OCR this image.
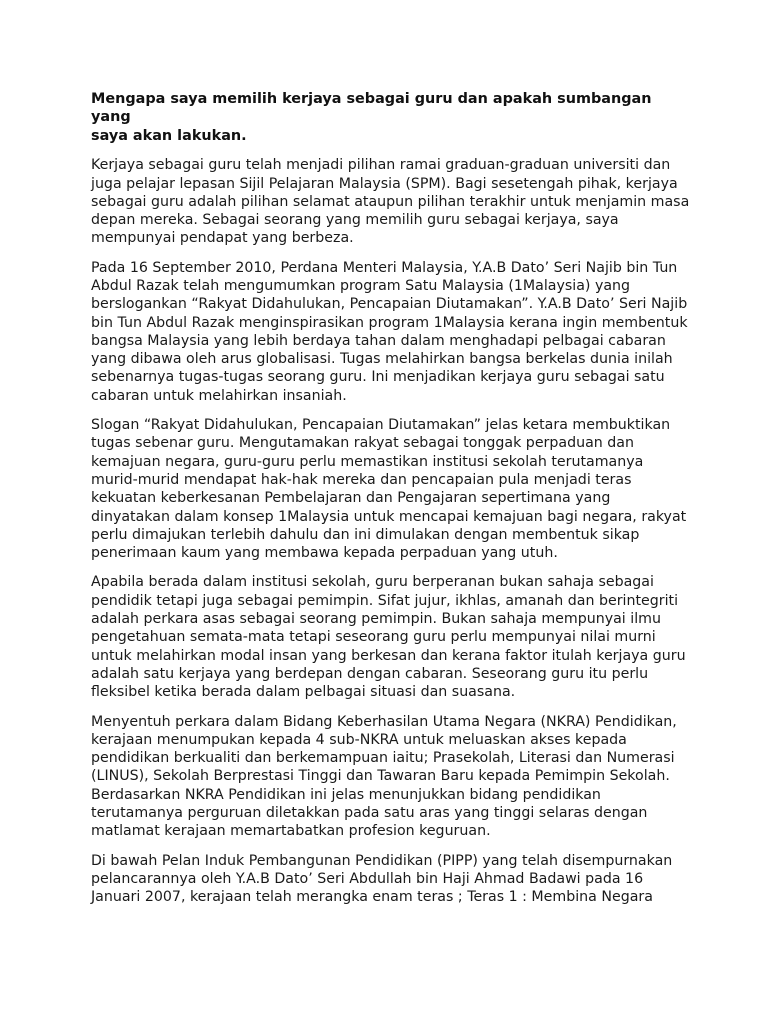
Mengapa saya memilih kerjaya sebagai guru dan apakah sumbangan yang
saya akan lakukan.

Kerjaya sebagai guru telah menjadi pilihan ramai graduan-graduan universiti dan
juga pelajar lepasan Sijil Pelajaran Malaysia (SPM). Bagi sesetengah pihak, kerjaya
sebagai guru adalah pilihan selamat ataupun pilihan terakhir untuk menjamin masa
depan mereka. Sebagai seorang yang memilih guru sebagai kerjaya, saya
mempunyai pendapat yang berbeza.

Pada 16 September 2010, Perdana Menteri Malaysia, Y.A.B Dato’ Seri Najib bin Tun
Abdul Razak telah mengumumkan program Satu Malaysia (1Malaysia) yang
berslogankan “Rakyat Didahulukan, Pencapaian Diutamakan”. Y.A.B Dato’ Seri Najib
bin Tun Abdul Razak menginspirasikan program 1Malaysia kerana ingin membentuk
bangsa Malaysia yang lebih berdaya tahan dalam menghadapi pelbagai cabaran
yang dibawa oleh arus globalisasi. Tugas melahirkan bangsa berkelas dunia inilah
sebenarnya tugas-tugas seorang guru. Ini menjadikan kerjaya guru sebagai satu
cabaran untuk melahirkan insaniah.

Slogan “Rakyat Didahulukan, Pencapaian Diutamakan” jelas ketara membuktikan
tugas sebenar guru. Mengutamakan rakyat sebagai tonggak perpaduan dan
kemajuan negara, guru-guru perlu memastikan institusi sekolah terutamanya
murid-murid mendapat hak-hak mereka dan pencapaian pula menjadi teras
kekuatan keberkesanan Pembelajaran dan Pengajaran sepertimana yang
dinyatakan dalam konsep 1Malaysia untuk mencapai kemajuan bagi negara, rakyat
perlu dimajukan terlebih dahulu dan ini dimulakan dengan membentuk sikap
penerimaan kaum yang membawa kepada perpaduan yang utuh.

Apabila berada dalam institusi sekolah, guru berperanan bukan sahaja sebagai
pendidik tetapi juga sebagai pemimpin. Sifat jujur, ikhlas, amanah dan berintegriti
adalah perkara asas sebagai seorang pemimpin. Bukan sahaja mempunyai ilmu
pengetahuan semata-mata tetapi seseorang guru perlu mempunyai nilai murni
untuk melahirkan modal insan yang berkesan dan kerana faktor itulah kerjaya guru
adalah satu kerjaya yang berdepan dengan cabaran. Seseorang guru itu perlu
fleksibel ketika berada dalam pelbagai situasi dan suasana.

Menyentuh perkara dalam Bidang Keberhasilan Utama Negara (NKRA) Pendidikan,
kerajaan menumpukan kepada 4 sub-NKRA untuk meluaskan akses kepada
pendidikan berkualiti dan berkemampuan iaitu; Prasekolah, Literasi dan Numerasi
(LINUS), Sekolah Berprestasi Tinggi dan Tawaran Baru kepada Pemimpin Sekolah.
Berdasarkan NKRA Pendidikan ini jelas menunjukkan bidang pendidikan
terutamanya perguruan diletakkan pada satu aras yang tinggi selaras dengan
matlamat kerajaan memartabatkan profesion keguruan.

Di bawah Pelan Induk Pembangunan Pendidikan (PIPP) yang telah disempurnakan
pelancarannya oleh Y.A.B Dato’ Seri Abdullah bin Haji Ahmad Badawi pada 16
Januari 2007, kerajaan telah merangka enam teras ; Teras 1 : Membina Negara
